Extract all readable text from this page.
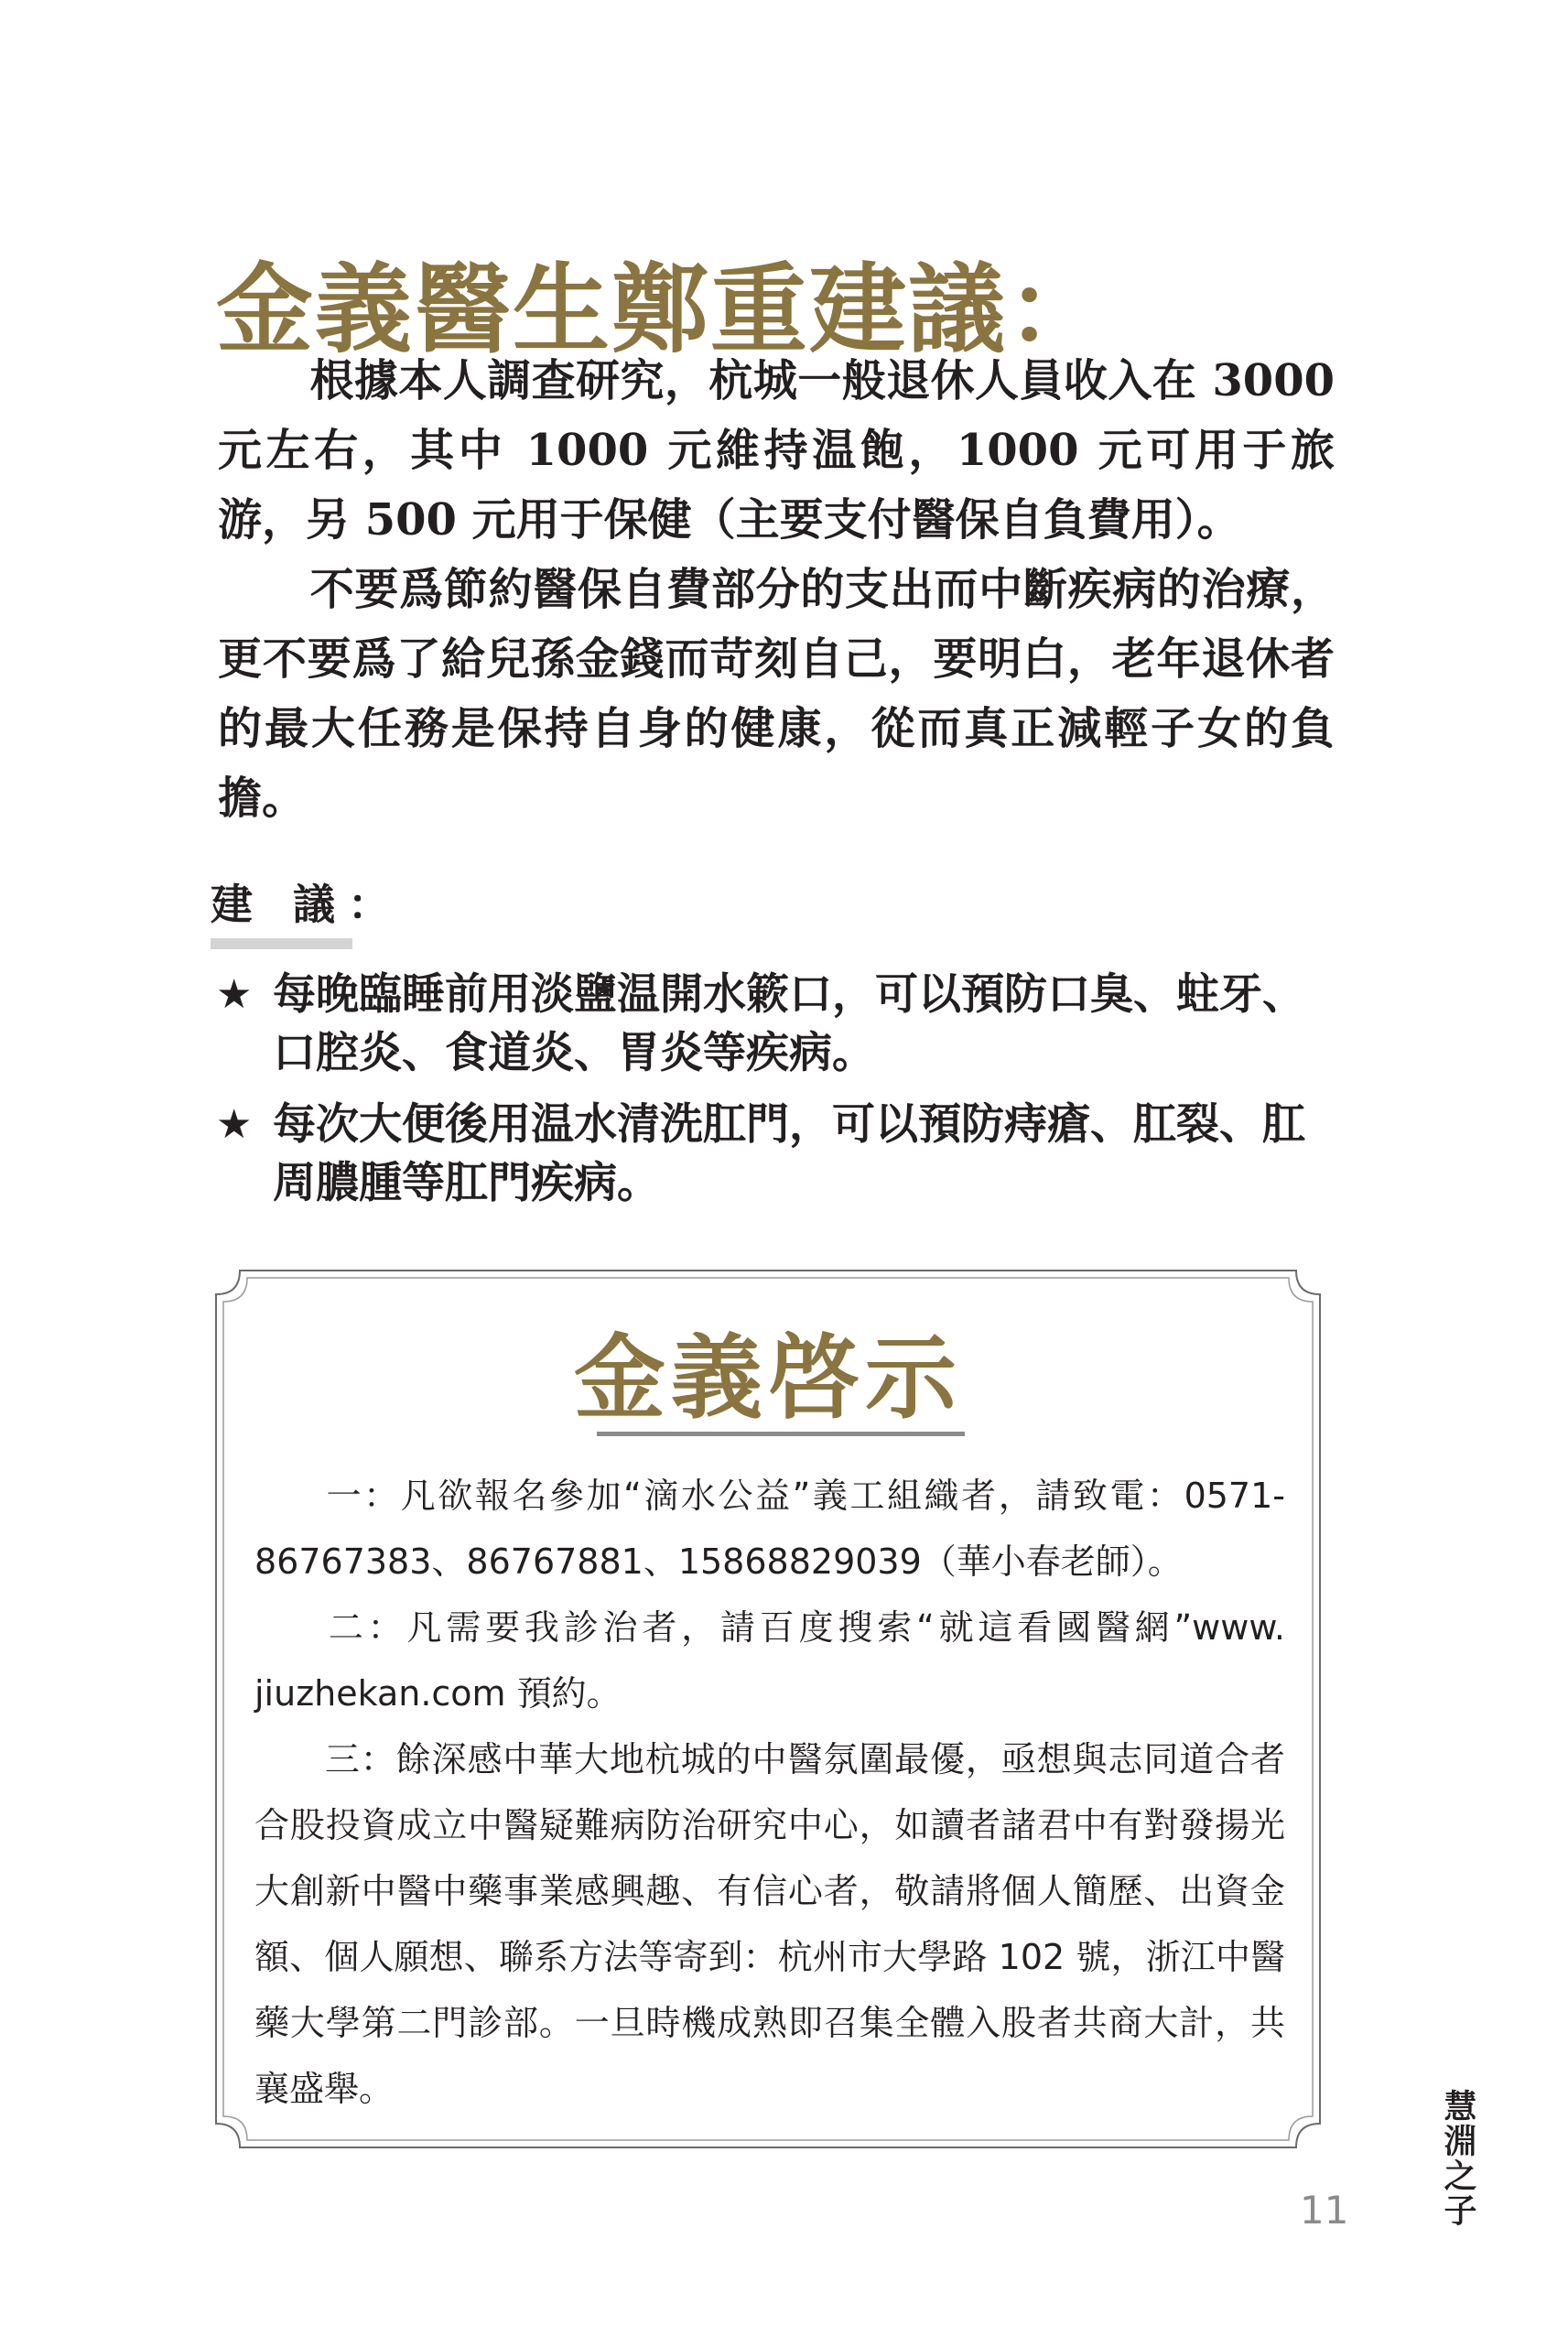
金義醫生鄭重建議：

根據本人調查研究，杭城一般退休人員收入在 3000 元左右，其中 1000 元維持温飽，1000 元可用于旅游，另 500 元用于保健（主要支付醫保自負費用）。

不要爲節約醫保自費部分的支出而中斷疾病的治療，更不要爲了給兒孫金錢而苛刻自己，要明白，老年退休者的最大任務是保持自身的健康，從而真正減輕子女的負擔。

建 議：
★ 每晚臨睡前用淡鹽温開水簌口，可以預防口臭、蛀牙、口腔炎、食道炎、胃炎等疾病。
★ 每次大便後用温水清洗肛門，可以預防痔瘡、肛裂、肛周膿腫等肛門疾病。
金義啓示

一：凡欲報名參加“滴水公益”義工組織者，請致電：0571-86767383、86767881、15868829039（華小春老師）。

二：凡需要我診治者，請百度搜索“就這看國醫網”www. jiuzhekan.com 預約。

三：餘深感中華大地杭城的中醫氛圍最優，亟想與志同道合者合股投資成立中醫疑難病防治研究中心，如讀者諸君中有對發揚光大創新中醫中藥事業感興趣、有信心者，敬請將個人簡歷、出資金額、個人願想、聯系方法等寄到：杭州市大學路 102 號，浙江中醫藥大學第二門診部。一旦時機成熟即召集全體入股者共商大計，共襄盛舉。	慧淵之子
11
